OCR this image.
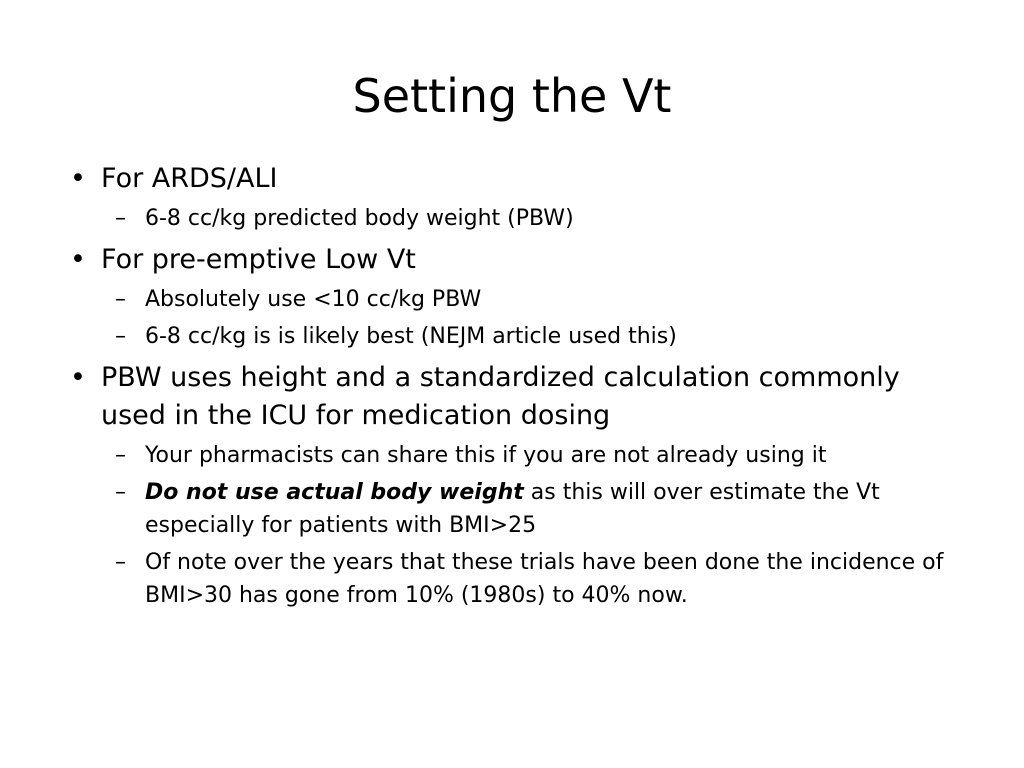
Setting the Vt
• For ARDS/ALI
– 6-8 cc/kg predicted body weight (PBW)
• For pre-emptive Low Vt
– Absolutely use <10 cc/kg PBW
– 6-8 cc/kg is is likely best (NEJM article used this)
• PBW uses height and a standardized calculation commonly used in the ICU for medication dosing
– Your pharmacists can share this if you are not already using it
– Do not use actual body weight as this will over estimate the Vt especially for patients with BMI>25
– Of note over the years that these trials have been done the incidence of BMI>30 has gone from 10% (1980s) to 40% now.
